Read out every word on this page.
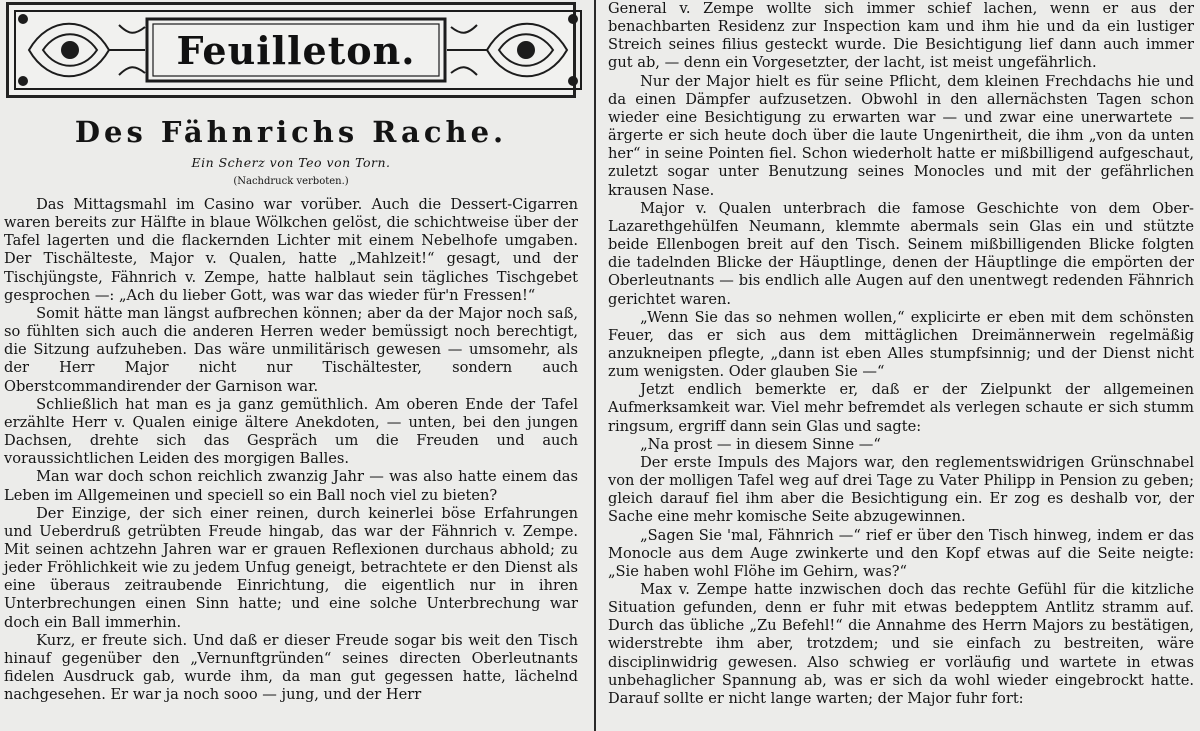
Feuilleton.
Des Fähnrichs Rache.
Ein Scherz von Teo von Torn.
(Nachdruck verboten.)

Das Mittagsmahl im Casino war vorüber. Auch die Dessert-Cigarren waren bereits zur Hälfte in blaue Wölkchen gelöst, die schichtweise über der Tafel lagerten und die flackernden Lichter mit einem Nebelhofe umgaben. Der Tischälteste, Major v. Qualen, hatte „Mahlzeit!“ gesagt, und der Tischjüngste, Fähnrich v. Zempe, hatte halblaut sein tägliches Tischgebet gesprochen —: „Ach du lieber Gott, was war das wieder für'n Fressen!“

Somit hätte man längst aufbrechen können; aber da der Major noch saß, so fühlten sich auch die anderen Herren weder bemüssigt noch berechtigt, die Sitzung aufzuheben. Das wäre unmilitärisch gewesen — umsomehr, als der Herr Major nicht nur Tischältester, sondern auch Oberstcommandirender der Garnison war.

Schließlich hat man es ja ganz gemüthlich. Am oberen Ende der Tafel erzählte Herr v. Qualen einige ältere Anekdoten, — unten, bei den jungen Dachsen, drehte sich das Gespräch um die Freuden und auch voraussichtlichen Leiden des morgigen Balles.

Man war doch schon reichlich zwanzig Jahr — was also hatte einem das Leben im Allgemeinen und speciell so ein Ball noch viel zu bieten?

Der Einzige, der sich einer reinen, durch keinerlei böse Erfahrungen und Ueberdruß getrübten Freude hingab, das war der Fähnrich v. Zempe. Mit seinen achtzehn Jahren war er grauen Reflexionen durchaus abhold; zu jeder Fröhlichkeit wie zu jedem Unfug geneigt, betrachtete er den Dienst als eine überaus zeitraubende Einrichtung, die eigentlich nur in ihren Unterbrechungen einen Sinn hatte; und eine solche Unterbrechung war doch ein Ball immerhin.

Kurz, er freute sich. Und daß er dieser Freude sogar bis weit den Tisch hinauf gegenüber den „Vernunftgründen“ seines directen Oberleutnants fidelen Ausdruck gab, wurde ihm, da man gut gegessen hatte, lächelnd nachgesehen. Er war ja noch sooo — jung, und der Herr

General v. Zempe wollte sich immer schief lachen, wenn er aus der benachbarten Residenz zur Inspection kam und ihm hie und da ein lustiger Streich seines filius gesteckt wurde. Die Besichtigung lief dann auch immer gut ab, — denn ein Vorgesetzter, der lacht, ist meist ungefährlich.

Nur der Major hielt es für seine Pflicht, dem kleinen Frechdachs hie und da einen Dämpfer aufzusetzen. Obwohl in den allernächsten Tagen schon wieder eine Besichtigung zu erwarten war — und zwar eine unerwartete — ärgerte er sich heute doch über die laute Ungenirtheit, die ihm „von da unten her“ in seine Pointen fiel. Schon wiederholt hatte er mißbilligend aufgeschaut, zuletzt sogar unter Benutzung seines Monocles und mit der gefährlichen krausen Nase.

Major v. Qualen unterbrach die famose Geschichte von dem Ober-Lazarethgehülfen Neumann, klemmte abermals sein Glas ein und stützte beide Ellenbogen breit auf den Tisch. Seinem mißbilligenden Blicke folgten die tadelnden Blicke der Häuptlinge, denen der Häuptlinge die empörten der Oberleutnants — bis endlich alle Augen auf den unentwegt redenden Fähnrich gerichtet waren.

„Wenn Sie das so nehmen wollen,“ explicirte er eben mit dem schönsten Feuer, das er sich aus dem mittäglichen Dreimännerwein regelmäßig anzukneipen pflegte, „dann ist eben Alles stumpfsinnig; und der Dienst nicht zum wenigsten. Oder glauben Sie —“

Jetzt endlich bemerkte er, daß er der Zielpunkt der allgemeinen Aufmerksamkeit war. Viel mehr befremdet als verlegen schaute er sich stumm ringsum, ergriff dann sein Glas und sagte:

„Na prost — in diesem Sinne —“

Der erste Impuls des Majors war, den reglementswidrigen Grünschnabel von der molligen Tafel weg auf drei Tage zu Vater Philipp in Pension zu geben; gleich darauf fiel ihm aber die Besichtigung ein. Er zog es deshalb vor, der Sache eine mehr komische Seite abzugewinnen.

„Sagen Sie 'mal, Fähnrich —“ rief er über den Tisch hinweg, indem er das Monocle aus dem Auge zwinkerte und den Kopf etwas auf die Seite neigte: „Sie haben wohl Flöhe im Gehirn, was?“

Max v. Zempe hatte inzwischen doch das rechte Gefühl für die kitzliche Situation gefunden, denn er fuhr mit etwas bedepptem Antlitz stramm auf. Durch das übliche „Zu Befehl!“ die Annahme des Herrn Majors zu bestätigen, widerstrebte ihm aber, trotzdem; und sie einfach zu bestreiten, wäre disciplinwidrig gewesen. Also schwieg er vorläufig und wartete in etwas unbehaglicher Spannung ab, was er sich da wohl wieder eingebrockt hatte. Darauf sollte er nicht lange warten; der Major fuhr fort:
